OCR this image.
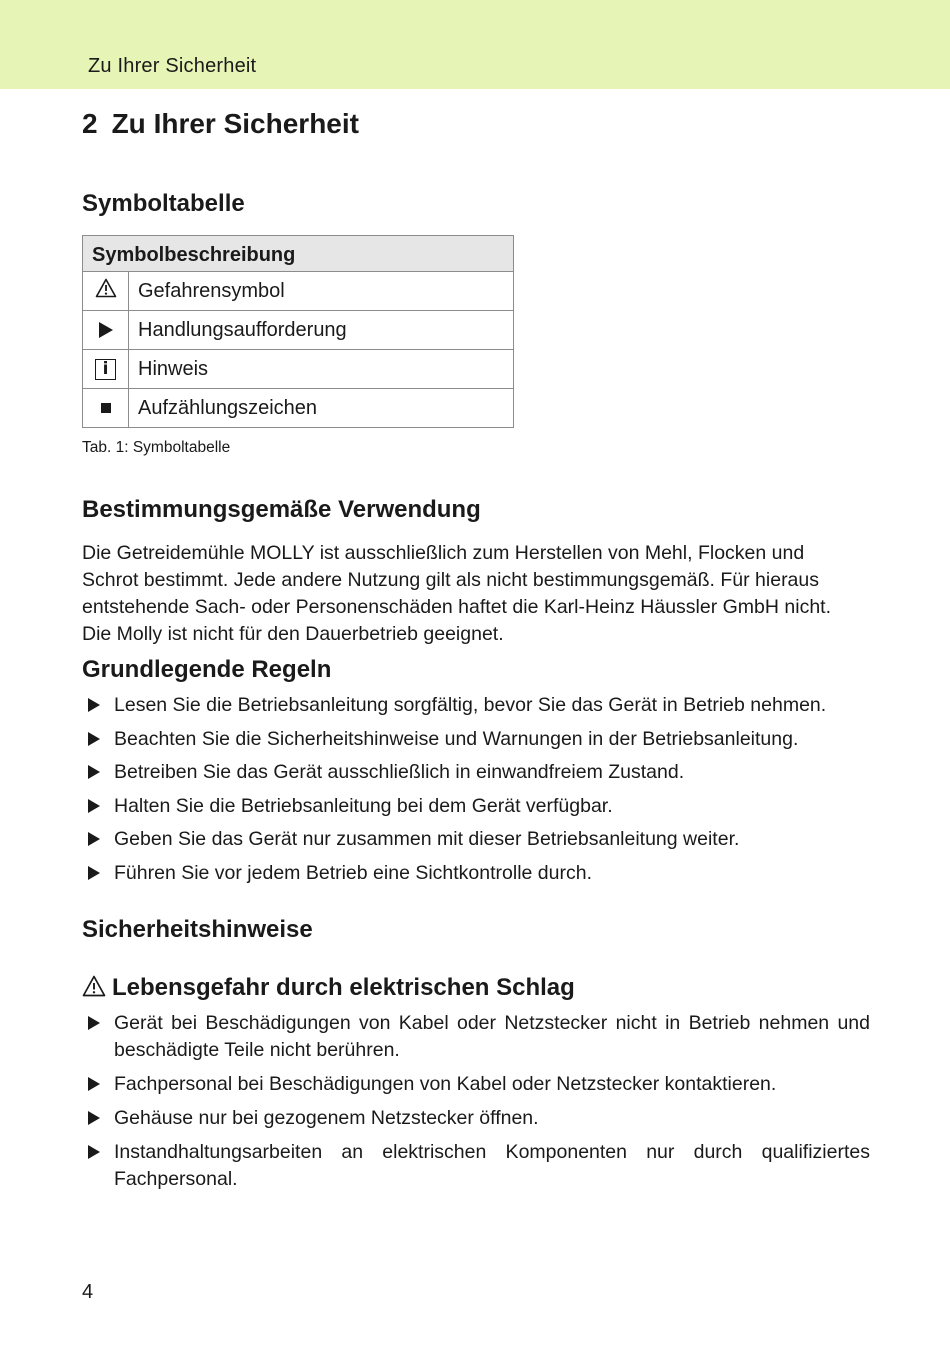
Zu Ihrer Sicherheit
2 Zu Ihrer Sicherheit
Symboltabelle
Symbolbeschreibung	
	Gefahrensymbol
	Handlungsaufforderung
i	Hinweis
	Aufzählungszeichen
Tab. 1: Symboltabelle
Bestimmungsgemäße Verwendung

Die Getreidemühle MOLLY ist ausschließlich zum Herstellen von Mehl, Flocken und
Schrot bestimmt. Jede andere Nutzung gilt als nicht bestimmungsgemäß. Für hieraus
entstehende Sach- oder Personenschäden haftet die Karl-Heinz Häussler GmbH nicht.
Die Molly ist nicht für den Dauerbetrieb geeignet.

Grundlegende Regeln
Lesen Sie die Betriebsanleitung sorgfältig, bevor Sie das Gerät in Betrieb nehmen.
Beachten Sie die Sicherheitshinweise und Warnungen in der Betriebsanleitung.
Betreiben Sie das Gerät ausschließlich in einwandfreiem Zustand.
Halten Sie die Betriebsanleitung bei dem Gerät verfügbar.
Geben Sie das Gerät nur zusammen mit dieser Betriebsanleitung weiter.
Führen Sie vor jedem Betrieb eine Sichtkontrolle durch.
Sicherheitshinweise
Lebensgefahr durch elektrischen Schlag
Gerät bei Beschädigungen von Kabel oder Netzstecker nicht in Betrieb nehmen und beschädigte Teile nicht berühren.
Fachpersonal bei Beschädigungen von Kabel oder Netzstecker kontaktieren.
Gehäuse nur bei gezogenem Netzstecker öffnen.
Instandhaltungsarbeiten an elektrischen Komponenten nur durch qualifiziertes Fachpersonal.
4
